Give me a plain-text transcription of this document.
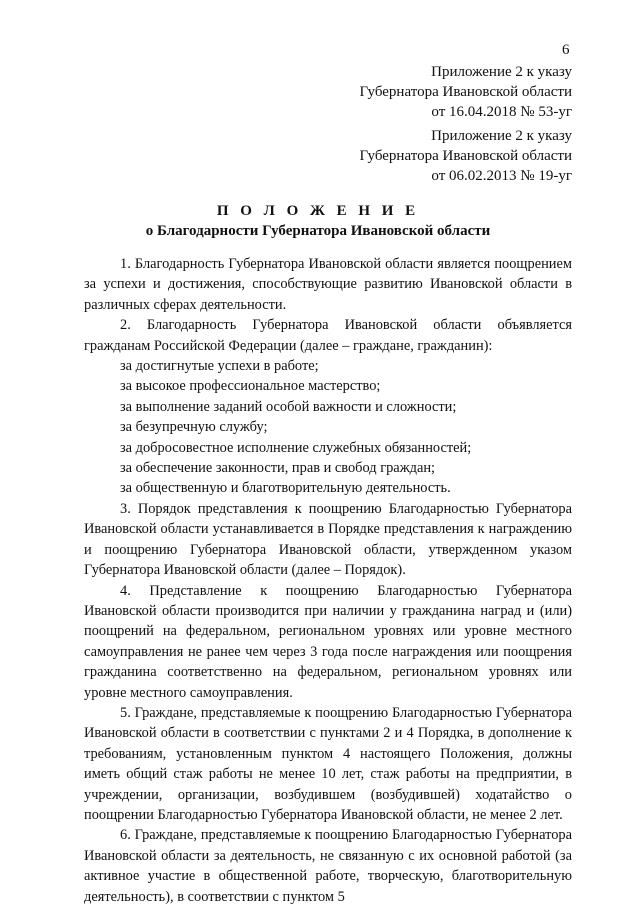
6
Приложение 2 к указу
Губернатора Ивановской области
от 16.04.2018 № 53-уг
Приложение 2 к указу
Губернатора Ивановской области
от 06.02.2013 № 19-уг
П О Л О Ж Е Н И Е
о Благодарности Губернатора Ивановской области

1. Благодарность Губернатора Ивановской области является поощрением за успехи и достижения, способствующие развитию Ивановской области в различных сферах деятельности.

2. Благодарность Губернатора Ивановской области объявляется гражданам Российской Федерации (далее – граждане, гражданин):

за достигнутые успехи в работе;

за высокое профессиональное мастерство;

за выполнение заданий особой важности и сложности;

за безупречную службу;

за добросовестное исполнение служебных обязанностей;

за обеспечение законности, прав и свобод граждан;

за общественную и благотворительную деятельность.

3. Порядок представления к поощрению Благодарностью Губернатора Ивановской области устанавливается в Порядке представления к награждению и поощрению Губернатора Ивановской области, утвержденном указом Губернатора Ивановской области (далее – Порядок).

4. Представление к поощрению Благодарностью Губернатора Ивановской области производится при наличии у гражданина наград и (или) поощрений на федеральном, региональном уровнях или уровне местного самоуправления не ранее чем через 3 года после награждения или поощрения гражданина соответственно на федеральном, региональном уровнях или уровне местного самоуправления.

5. Граждане, представляемые к поощрению Благодарностью Губернатора Ивановской области в соответствии с пунктами 2 и 4 Порядка, в дополнение к требованиям, установленным пунктом 4 настоящего Положения, должны иметь общий стаж работы не менее 10 лет, стаж работы на предприятии, в учреждении, организации, возбудившем (возбудившей) ходатайство о поощрении Благодарностью Губернатора Ивановской области, не менее 2 лет.

6. Граждане, представляемые к поощрению Благодарностью Губернатора Ивановской области за деятельность, не связанную с их основной работой (за активное участие в общественной работе, творческую, благотворительную деятельность), в соответствии с пунктом 5
